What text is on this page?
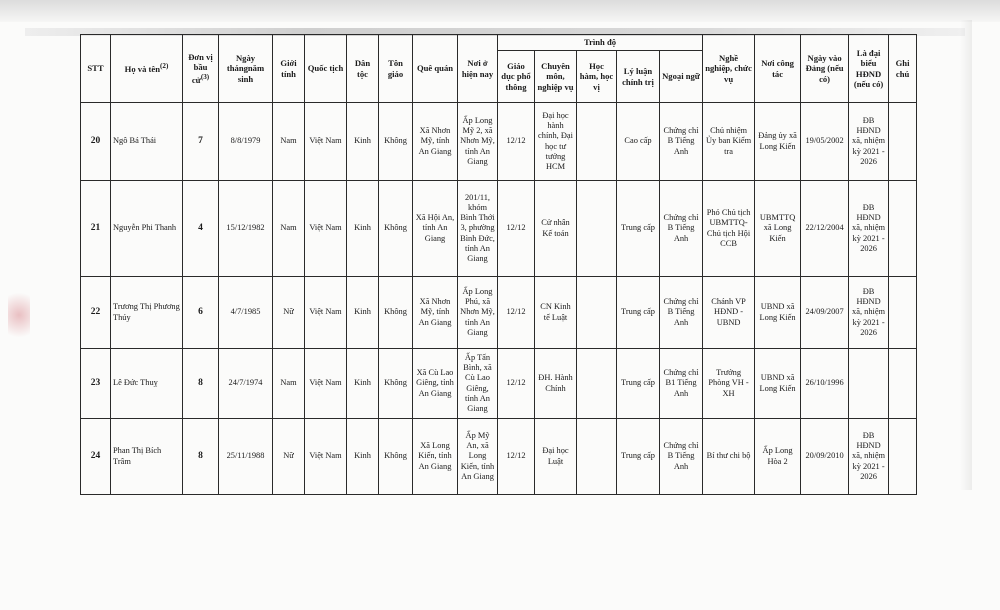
STT	Họ và tên$^{(2)}$	Đơn vị bầu cử$^{(3)}$	Ngày thángnăm sinh	Giới tính	Quốc tịch	Dân tộc	Tôn giáo	Quê quán	Nơi ở hiện nay	Trình độ					Nghề nghiệp, chức vụ	Nơi công tác	Ngày vào Đảng (nếu có)	Là đại biểu HĐND (nếu có)	Ghi chú
										Giáo dục phổ thông	Chuyên môn, nghiệp vụ	Học hàm, học vị	Lý luận chính trị	Ngoại ngữ					
20	Ngô Bá Thái	7	8/8/1979	Nam	Việt Nam	Kinh	Không	Xã Nhơn Mỹ, tỉnh An Giang	Ấp Long Mỹ 2, xã Nhơn Mỹ, tỉnh An Giang	12/12	Đại học hành chính, Đại học tư tưởng HCM		Cao cấp	Chứng chỉ B Tiếng Anh	Chủ nhiệm Ủy ban Kiểm tra	Đảng ủy xã Long Kiến	19/05/2002	ĐB HĐND xã, nhiệm kỳ 2021 - 2026	
21	Nguyễn Phi Thanh	4	15/12/1982	Nam	Việt Nam	Kinh	Không	Xã Hội An, tỉnh An Giang	201/11, khóm Bình Thới 3, phường Bình Đức, tỉnh An Giang	12/12	Cử nhân Kế toán		Trung cấp	Chứng chỉ B Tiếng Anh	Phó Chủ tịch UBMTTQ- Chủ tịch Hội CCB	UBMTTQ xã Long Kiến	22/12/2004	ĐB HĐND xã, nhiệm kỳ 2021 - 2026	
22	Trương Thị Phương Thúy	6	4/7/1985	Nữ	Việt Nam	Kinh	Không	Xã Nhơn Mỹ, tỉnh An Giang	Ấp Long Phú, xã Nhơn Mỹ, tỉnh An Giang	12/12	CN Kinh tế Luật		Trung cấp	Chứng chỉ B Tiếng Anh	Chánh VP HĐND - UBND	UBND xã Long Kiến	24/09/2007	ĐB HĐND xã, nhiệm kỳ 2021 - 2026	
23	Lê Đức Thuỵ	8	24/7/1974	Nam	Việt Nam	Kinh	Không	Xã Cù Lao Giêng, tỉnh An Giang	Ấp Tấn Bình, xã Cù Lao Giêng, tỉnh An Giang	12/12	ĐH. Hành Chính		Trung cấp	Chứng chỉ B1 Tiếng Anh	Trưởng Phòng VH - XH	UBND xã Long Kiến	26/10/1996		
24	Phan Thị Bích Trâm	8	25/11/1988	Nữ	Việt Nam	Kinh	Không	Xã Long Kiến, tỉnh An Giang	Ấp Mỹ An, xã Long Kiến, tỉnh An Giang	12/12	Đại học Luật		Trung cấp	Chứng chỉ B Tiếng Anh	Bí thư chi bộ	Ấp Long Hòa 2	20/09/2010	ĐB HĐND xã, nhiệm kỳ 2021 - 2026	
